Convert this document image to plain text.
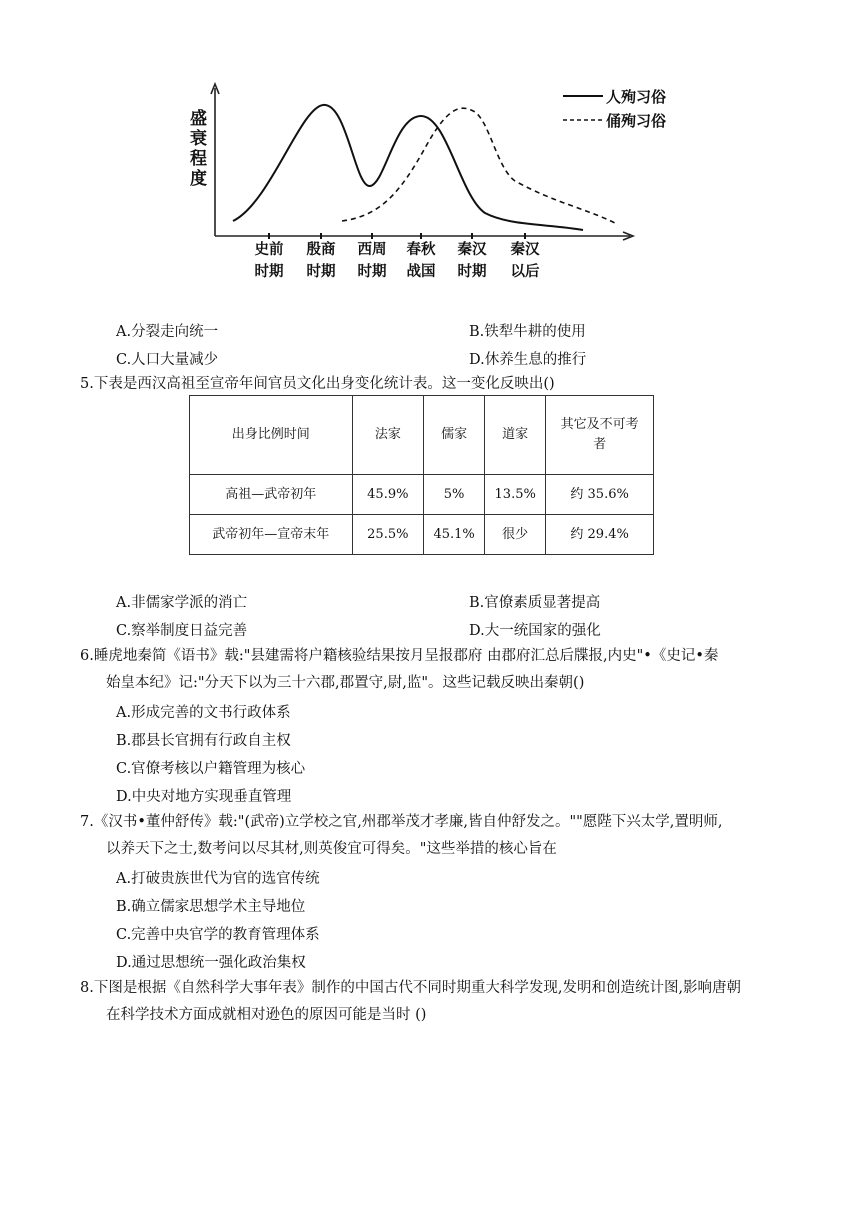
盛
衰
程
度
人殉习俗
俑殉习俗
史前
时期
殷商
时期
西周
时期
春秋
战国
秦汉
时期
秦汉
以后
A.分裂走向统一	B.铁犁牛耕的使用
C.人口大量减少	D.休养生息的推行
5.下表是西汉高祖至宣帝年间官员文化出身变化统计表。这一变化反映出()
出身比例时间	法家	儒家	道家	其它及不可考
者

高祖—武帝初年	45.9%	5%	13.5%	约 35.6%
武帝初年—宣帝末年	25.5%	45.1%	很少	约 29.4%
A.非儒家学派的消亡	B.官僚素质显著提高
C.察举制度日益完善	D.大一统国家的强化
6.睡虎地秦简《语书》载:"县建需将户籍核验结果按月呈报郡府 由郡府汇总后牒报,内史"•《史记•秦
始皇本纪》记:"分天下以为三十六郡,郡置守,尉,监"。这些记载反映出秦朝()
A.形成完善的文书行政体系
B.郡县长官拥有行政自主权
C.官僚考核以户籍管理为核心
D.中央对地方实现垂直管理
7.《汉书•董仲舒传》载:"(武帝)立学校之官,州郡举茂才孝廉,皆自仲舒发之。""愿陛下兴太学,置明师,
以养天下之士,数考问以尽其材,则英俊宜可得矣。"这些举措的核心旨在
A.打破贵族世代为官的选官传统
B.确立儒家思想学术主导地位
C.完善中央官学的教育管理体系
D.通过思想统一强化政治集权
8.下图是根据《自然科学大事年表》制作的中国古代不同时期重大科学发现,发明和创造统计图,影响唐朝
在科学技术方面成就相对逊色的原因可能是当时 ()
